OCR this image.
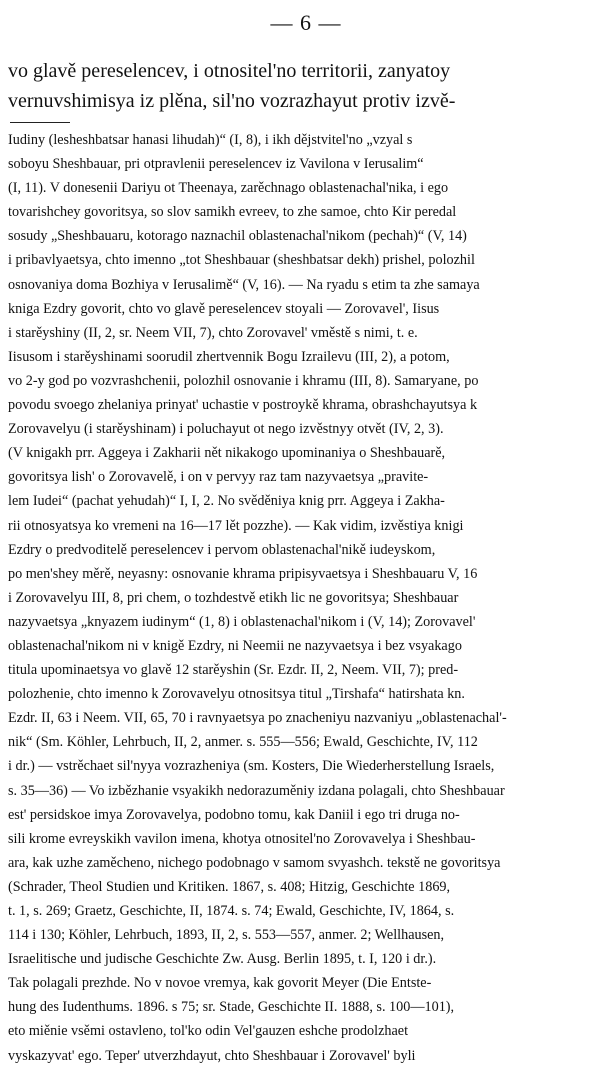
— 6 —
vo glavě pereselencev, i otnositel'no territorii, zanyatoy
vernuvshimisya iz plěna, sil'no vozrazhayut protiv izvě-
Iudiny (lesheshbatsar hanasi lihudah)“ (I, 8), i ikh dějstvitel'no „vzyal s
soboyu Sheshbauar, pri otpravlenii pereselencev iz Vavilona v Ierusalim“
(I, 11). V donesenii Dariyu ot Theenaya, zarěchnago oblastenachal'nika, i ego
tovarishchey govoritsya, so slov samikh evreev, to zhe samoe, chto Kir peredal
sosudy „Sheshbauaru, kotorago naznachil oblastenachal'nikom (pechah)“ (V, 14)
i pribavlyaetsya, chto imenno „tot Sheshbauar (sheshbatsar dekh) prishel, polozhil
osnovaniya doma Bozhiya v Ierusalimě“ (V, 16). — Na ryadu s etim ta zhe samaya
kniga Ezdry govorit, chto vo glavě pereselencev stoyali — Zorovavel', Iisus
i starěyshiny (II, 2, sr. Neem VII, 7), chto Zorovavel' vměstě s nimi, t. e.
Iisusom i starěyshinami soorudil zhertvennik Bogu Izrailevu (III, 2), a potom,
vo 2-y god po vozvrashchenii, polozhil osnovanie i khramu (III, 8). Samaryane, po
povodu svoego zhelaniya prinyat' uchastie v postroykě khrama, obrashchayutsya k
Zorovavelyu (i starěyshinam) i poluchayut ot nego izvěstnyy otvět (IV, 2, 3).
(V knigakh prr. Aggeya i Zakharii nět nikakogo upominaniya o Sheshbauarě,
govoritsya lish' o Zorovavelě, i on v pervyy raz tam nazyvaetsya „pravite-
lem Iudei“ (pachat yehudah)“ I, I, 2. No svěděniya knig prr. Aggeya i Zakha-
rii otnosyatsya ko vremeni na 16—17 lět pozzhe). — Kak vidim, izvěstiya knigi
Ezdry o predvoditelě pereselencev i pervom oblastenachal'nikě iudeyskom,
po men'shey měrě, neyasny: osnovanie khrama pripisyvaetsya i Sheshbauaru V, 16
i Zorovavelyu III, 8, pri chem, o tozhdestvě etikh lic ne govoritsya; Sheshbauar
nazyvaetsya „knyazem iudinym“ (1, 8) i oblastenachal'nikom i (V, 14); Zorovavel'
oblastenachal'nikom ni v knigě Ezdry, ni Neemii ne nazyvaetsya i bez vsyakago
titula upominaetsya vo glavě 12 starěyshin (Sr. Ezdr. II, 2, Neem. VII, 7); pred-
polozhenie, chto imenno k Zorovavelyu otnositsya titul „Tirshafa“ hatirshata kn.
Ezdr. II, 63 i Neem. VII, 65, 70 i ravnyaetsya po znacheniyu nazvaniyu „oblastenachal'-
nik“ (Sm. Köhler, Lehrbuch, II, 2, anmer. s. 555—556; Ewald, Geschichte, IV, 112
i dr.) — vstrěchaet sil'nyya vozrazheniya (sm. Kosters, Die Wiederherstellung Israels,
s. 35—36) — Vo izbězhanie vsyakikh nedorazuměniy izdana polagali, chto Sheshbauar
est' persidskoe imya Zorovavelya, podobno tomu, kak Daniil i ego tri druga no-
sili krome evreyskikh vavilon imena, khotya otnositel'no Zorovavelya i Sheshbau-
ara, kak uzhe zaměcheno, nichego podobnago v samom svyashch. tekstě ne govoritsya
(Schrader, Theol Studien und Kritiken. 1867, s. 408; Hitzig, Geschichte 1869,
t. 1, s. 269; Graetz, Geschichte, II, 1874. s. 74; Ewald, Geschichte, IV, 1864, s.
114 i 130; Köhler, Lehrbuch, 1893, II, 2, s. 553—557, anmer. 2; Wellhausen,
Israelitische und judische Geschichte Zw. Ausg. Berlin 1895, t. I, 120 i dr.).
Tak polagali prezhde. No v novoe vremya, kak govorit Meyer (Die Entste-
hung des Iudenthums. 1896. s 75; sr. Stade, Geschichte II. 1888, s. 100—101),
eto miěnie vsěmi ostavleno, tol'ko odin Vel'gauzen eshche prodolzhaet
vyskazyvat' ego. Teper' utverzhdayut, chto Sheshbauar i Zorovavel' byli
